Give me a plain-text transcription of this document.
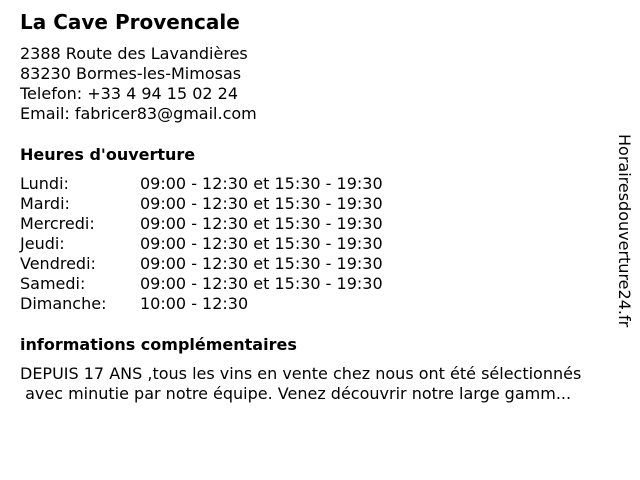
La Cave Provencale
2388 Route des Lavandières
83230 Bormes-les-Mimosas
Telefon: +33 4 94 15 02 24
Email: fabricer83@gmail.com
Heures d'ouverture
Lundi:	09:00 - 12:30 et 15:30 - 19:30
Mardi:	09:00 - 12:30 et 15:30 - 19:30
Mercredi:	09:00 - 12:30 et 15:30 - 19:30
Jeudi:	09:00 - 12:30 et 15:30 - 19:30
Vendredi:	09:00 - 12:30 et 15:30 - 19:30
Samedi:	09:00 - 12:30 et 15:30 - 19:30
Dimanche:	10:00 - 12:30
informations complémentaires
DEPUIS 17 ANS ,tous les vins en vente chez nous ont été sélectionnés
avec minutie par notre équipe. Venez découvrir notre large gamm...
Horairesdouverture24.fr
